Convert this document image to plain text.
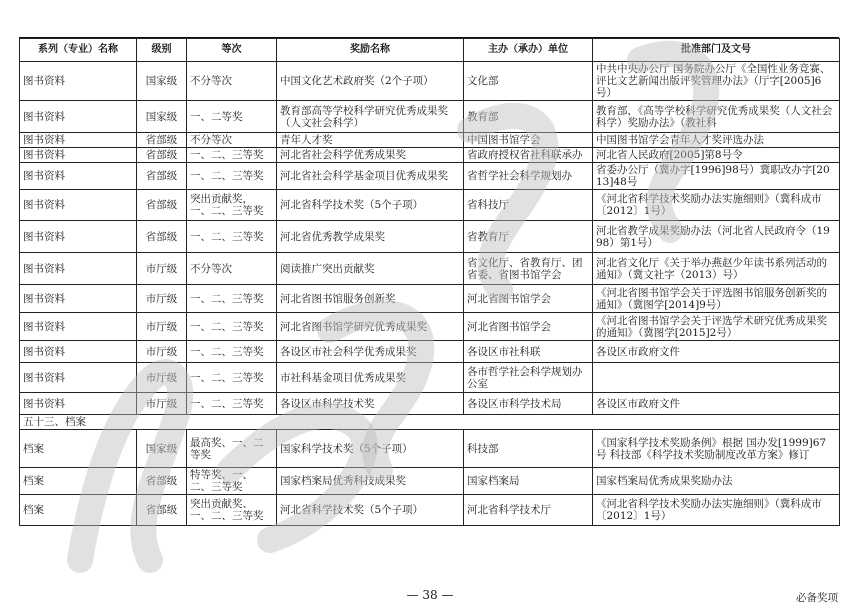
系列（专业）名称	级别	等次	奖励名称	主办（承办）单位	批准部门及文号
图书资料	国家级	不分等次	中国文化艺术政府奖（2个子项）	文化部	中共中央办公厅 国务院办公厅《全国性业务竞赛、评比文艺新闻出版评奖管理办法》（厅字[2005]6号）
图书资料	国家级	一、二等奖	教育部高等学校科学研究优秀成果奖（人文社会科学）	教育部	教育部，《高等学校科学研究优秀成果奖（人文社会科学）奖励办法》（教社科
图书资料	省部级	不分等次	青年人才奖	中国图书馆学会	中国图书馆学会青年人才奖评选办法
图书资料	省部级	一、二、三等奖	河北省社会科学优秀成果奖	省政府授权省社科联承办	河北省人民政府[2005]第8号令
图书资料	省部级	一、二、三等奖	河北省社会科学基金项目优秀成果奖	省哲学社会科学规划办	省委办公厅（冀办字[1996]98号）冀职改办字[2013]48号
图书资料	省部级	突出贡献奖，一、二、三等奖	河北省科学技术奖（5个子项）	省科技厅	《河北省科学技术奖励办法实施细则》（冀科成市〔2012〕1号）
图书资料	省部级	一、二、三等奖	河北省优秀教学成果奖	省教育厅	河北省教学成果奖励办法（河北省人民政府令（1998）第1号）
图书资料	市厅级	不分等次	阅读推广突出贡献奖	省文化厅、省教育厅、团省委、省图书馆学会	河北省文化厅《关于举办燕赵少年读书系列活动的通知》（冀文社字（2013）号）
图书资料	市厅级	一、二、三等奖	河北省图书馆服务创新奖	河北省图书馆学会	《河北省图书馆学会关于评选图书馆服务创新奖的通知》（冀图学[2014]9号）
图书资料	市厅级	一、二、三等奖	河北省图书馆学研究优秀成果奖	河北省图书馆学会	《河北省图书馆学会关于评选学术研究优秀成果奖的通知》（冀图学[2015]2号）
图书资料	市厅级	一、二、三等奖	各设区市社会科学优秀成果奖	各设区市社科联	各设区市政府文件
图书资料	市厅级	一、二、三等奖	市社科基金项目优秀成果奖	各市哲学社会科学规划办公室	
图书资料	市厅级	一、二、三等奖	各设区市科学技术奖	各设区市科学技术局	各设区市政府文件
五十三、档案					
档案	国家级	最高奖、一、二等奖	国家科学技术奖（5个子项）	科技部	《国家科学技术奖励条例》根据 国办发[1999]67号 科技部《科学技术奖励制度改革方案》修订
档案	省部级	特等奖、一、二、三等奖	国家档案局优秀科技成果奖	国家档案局	国家档案局优秀成果奖励办法
档案	省部级	突出贡献奖、一、二、三等奖	河北省科学技术奖（5个子项）	河北省科学技术厅	《河北省科学技术奖励办法实施细则》（冀科成市〔2012〕1号）
— 38 —	必备奖项
